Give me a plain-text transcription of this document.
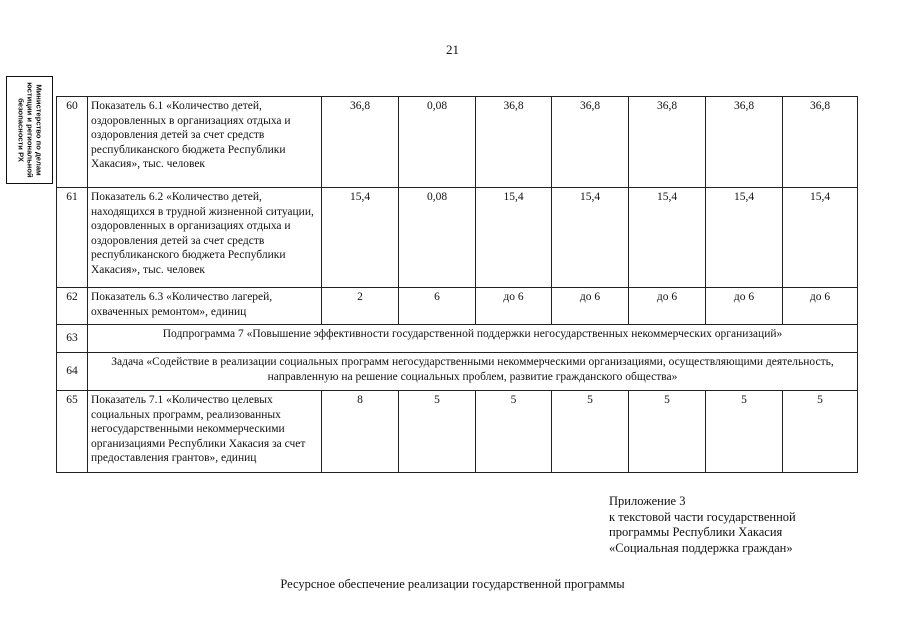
21
Министерство по делам юстиции и региональной безопасности РХ	60	Показатель 6.1 «Количество детей, оздоровленных в организациях отдыха и оздоровления детей за счет средств республиканского бюджета Республики Хакасия», тыс. человек	36,8	0,08	36,8	36,8	36,8	36,8	36,8
61	Показатель 6.2 «Количество детей, находящихся в трудной жизненной ситуации, оздоровленных в организациях отдыха и оздоровления детей за счет средств республиканского бюджета Республики Хакасия», тыс. человек	15,4	0,08	15,4	15,4	15,4	15,4	15,4
62	Показатель 6.3 «Количество лагерей, охваченных ремонтом», единиц	2	6	до 6	до 6	до 6	до 6	до 6
63	Подпрограмма 7 «Повышение эффективности государственной поддержки негосударственных некоммерческих организаций»							
64	Задача «Содействие в реализации социальных программ негосударственными некоммерческими организациями, осуществляющими деятельность, направленную на решение социальных проблем, развитие гражданского общества»							
65	Показатель 7.1 «Количество целевых социальных программ, реализованных негосударственными некоммерческими организациями Республики Хакасия за счет предоставления грантов», единиц	8	5	5	5	5	5	5
Приложение 3
к текстовой части государственной
программы Республики Хакасия
«Социальная поддержка граждан»
Ресурсное обеспечение реализации государственной программы
